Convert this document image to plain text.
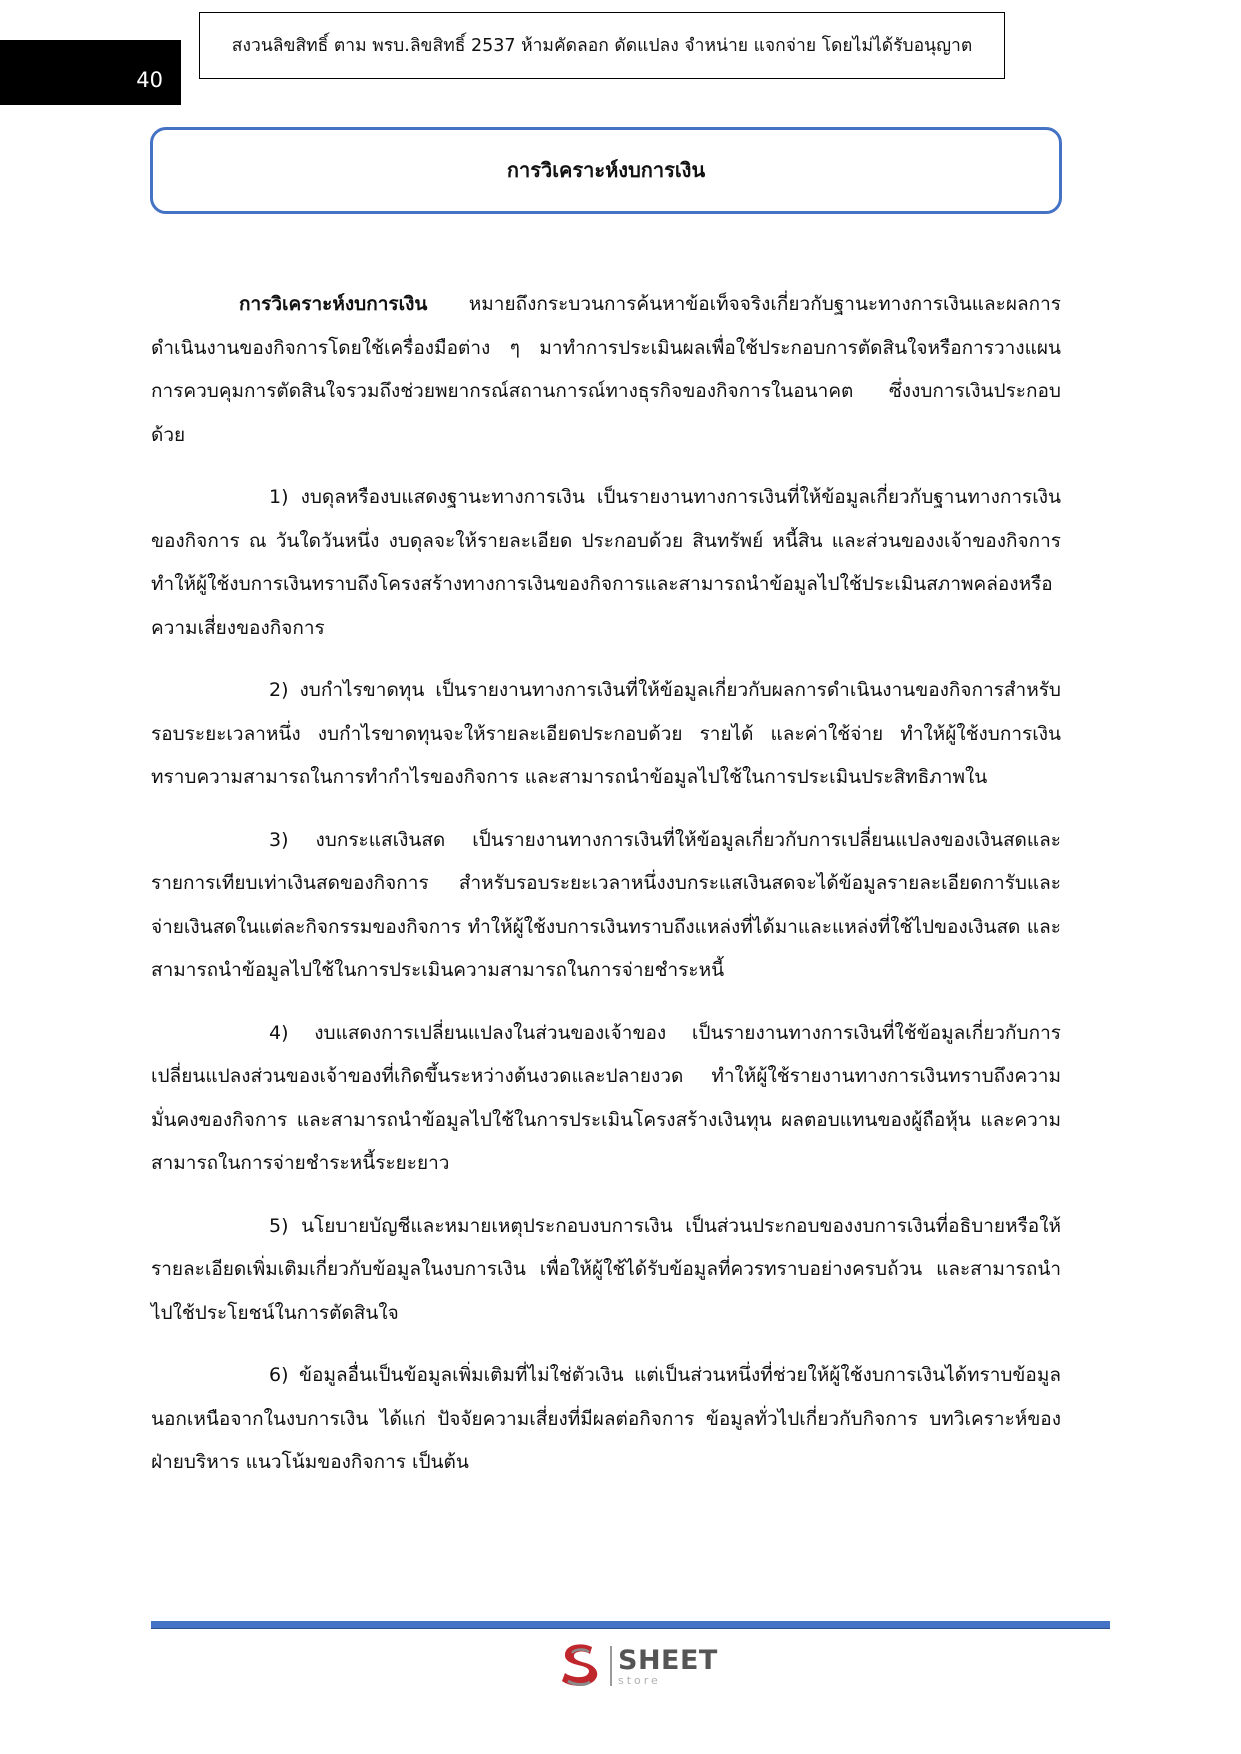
40
สงวนลิขสิทธิ์ ตาม พรบ.ลิขสิทธิ์ 2537 ห้ามคัดลอก ดัดแปลง จำหน่าย แจกจ่าย โดยไม่ได้รับอนุญาต
การวิเคราะห์งบการเงิน

การวิเคราะห์งบการเงิน หมายถึงกระบวนการค้นหาข้อเท็จจริงเกี่ยวกับฐานะทางการเงินและผลการดำเนินงานของกิจการโดยใช้เครื่องมือต่าง ๆ มาทำการประเมินผลเพื่อใช้ประกอบการตัดสินใจหรือการวางแผนการควบคุมการตัดสินใจรวมถึงช่วยพยากรณ์สถานการณ์ทางธุรกิจของกิจการในอนาคต ซึ่งงบการเงินประกอบด้วย

1) งบดุลหรืองบแสดงฐานะทางการเงิน เป็นรายงานทางการเงินที่ให้ข้อมูลเกี่ยวกับฐานทางการเงินของกิจการ ณ วันใดวันหนึ่ง งบดุลจะให้รายละเอียด ประกอบด้วย สินทรัพย์ หนี้สิน และส่วนของงเจ้าของกิจการ ทำให้ผู้ใช้งบการเงินทราบถึงโครงสร้างทางการเงินของกิจการและสามารถนำข้อมูลไปใช้ประเมินสภาพคล่องหรือความเสี่ยงของกิจการ

2) งบกำไรขาดทุน เป็นรายงานทางการเงินที่ให้ข้อมูลเกี่ยวกับผลการดำเนินงานของกิจการสำหรับรอบระยะเวลาหนึ่ง งบกำไรขาดทุนจะให้รายละเอียดประกอบด้วย รายได้ และค่าใช้จ่าย ทำให้ผู้ใช้งบการเงินทราบความสามารถในการทำกำไรของกิจการ และสามารถนำข้อมูลไปใช้ในการประเมินประสิทธิภาพใน

3) งบกระแสเงินสด เป็นรายงานทางการเงินที่ให้ข้อมูลเกี่ยวกับการเปลี่ยนแปลงของเงินสดและรายการเทียบเท่าเงินสดของกิจการ สำหรับรอบระยะเวลาหนึ่งงบกระแสเงินสดจะได้ข้อมูลรายละเอียดการับและจ่ายเงินสดในแต่ละกิจกรรมของกิจการ ทำให้ผู้ใช้งบการเงินทราบถึงแหล่งที่ได้มาและแหล่งที่ใช้ไปของเงินสด และสามารถนำข้อมูลไปใช้ในการประเมินความสามารถในการจ่ายชำระหนี้

4) งบแสดงการเปลี่ยนแปลงในส่วนของเจ้าของ เป็นรายงานทางการเงินที่ใช้ข้อมูลเกี่ยวกับการเปลี่ยนแปลงส่วนของเจ้าของที่เกิดขึ้นระหว่างต้นงวดและปลายงวด ทำให้ผู้ใช้รายงานทางการเงินทราบถึงความมั่นคงของกิจการ และสามารถนำข้อมูลไปใช้ในการประเมินโครงสร้างเงินทุน ผลตอบแทนของผู้ถือหุ้น และความสามารถในการจ่ายชำระหนี้ระยะยาว

5) นโยบายบัญชีและหมายเหตุประกอบงบการเงิน เป็นส่วนประกอบของงบการเงินที่อธิบายหรือให้รายละเอียดเพิ่มเติมเกี่ยวกับข้อมูลในงบการเงิน เพื่อให้ผู้ใช้ได้รับข้อมูลที่ควรทราบอย่างครบถ้วน และสามารถนำไปใช้ประโยชน์ในการตัดสินใจ

6) ข้อมูลอื่นเป็นข้อมูลเพิ่มเติมที่ไม่ใช่ตัวเงิน แต่เป็นส่วนหนึ่งที่ช่วยให้ผู้ใช้งบการเงินได้ทราบข้อมูลนอกเหนือจากในงบการเงิน ได้แก่ ปัจจัยความเสี่ยงที่มีผลต่อกิจการ ข้อมูลทั่วไปเกี่ยวกับกิจการ บทวิเคราะห์ของฝ่ายบริหาร แนวโน้มของกิจการ เป็นต้น

SHEET
store
